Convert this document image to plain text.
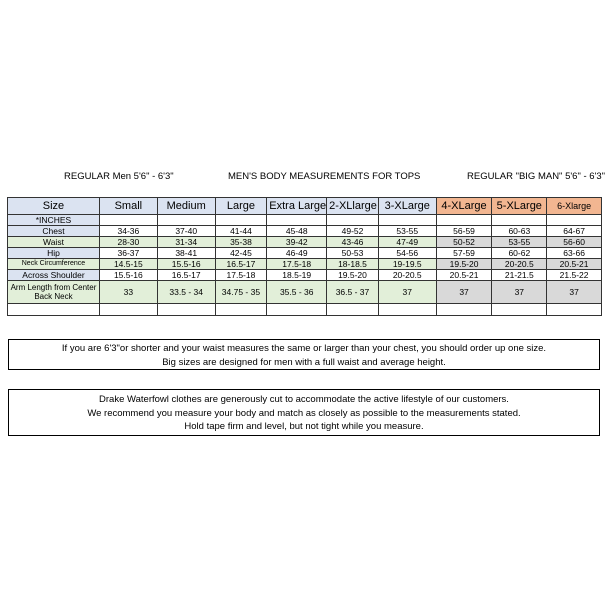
REGULAR Men 5'6" - 6'3"	MEN'S BODY MEASUREMENTS FOR TOPS	REGULAR "BIG MAN" 5'6" - 6'3"
Size	Small	Medium	Large	Extra Large	2-XLlarge	3-XLarge	4-XLarge	5-XLarge	6-Xlarge
*INCHES									
Chest	34-36	37-40	41-44	45-48	49-52	53-55	56-59	60-63	64-67
Waist	28-30	31-34	35-38	39-42	43-46	47-49	50-52	53-55	56-60
Hip	36-37	38-41	42-45	46-49	50-53	54-56	57-59	60-62	63-66
Neck Circumference	14.5-15	15.5-16	16.5-17	17.5-18	18-18.5	19-19.5	19.5-20	20-20.5	20.5-21
Across Shoulder	15.5-16	16.5-17	17.5-18	18.5-19	19.5-20	20-20.5	20.5-21	21-21.5	21.5-22
Arm Length from Center Back Neck	33	33.5 - 34	34.75 - 35	35.5 - 36	36.5 - 37	37	37	37	37

If you are 6'3"or shorter and your waist measures the same or larger than your chest, you should order up one size.
Big sizes are designed for men with a full waist and average height.
Drake Waterfowl clothes are generously cut to accommodate the active lifestyle of our customers.
We recommend you measure your body and match as closely as possible to the measurements stated.
Hold tape firm and level, but not tight while you measure.
